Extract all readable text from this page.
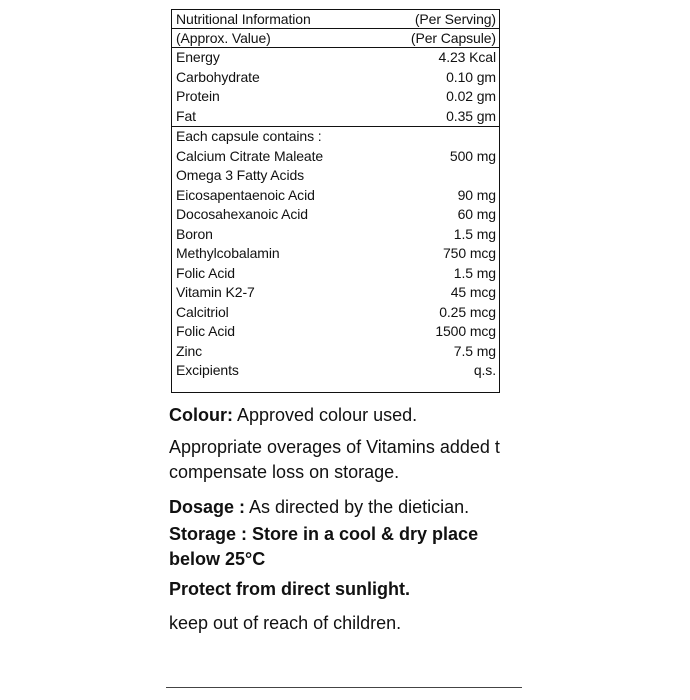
Nutritional Information	(Per Serving)
(Approx. Value)	(Per Capsule)
Energy	4.23 Kcal
Carbohydrate	0.10 gm
Protein	0.02 gm
Fat	0.35 gm
Each capsule contains :
Calcium Citrate Maleate	500 mg
Omega 3 Fatty Acids
Eicosapentaenoic Acid	90 mg
Docosahexanoic Acid	60 mg
Boron	1.5 mg
Methylcobalamin	750 mcg
Folic Acid	1.5 mg
Vitamin K2-7	45 mcg
Calcitriol	0.25 mcg
Folic Acid	1500 mcg
Zinc	7.5 mg
Excipients	q.s.

Colour: Approved colour used.

Appropriate overages of Vitamins added t

compensate loss on storage.

Dosage : As directed by the dietician.

Storage : Store in a cool & dry place

below 25°C

Protect from direct sunlight.

keep out of reach of children.
